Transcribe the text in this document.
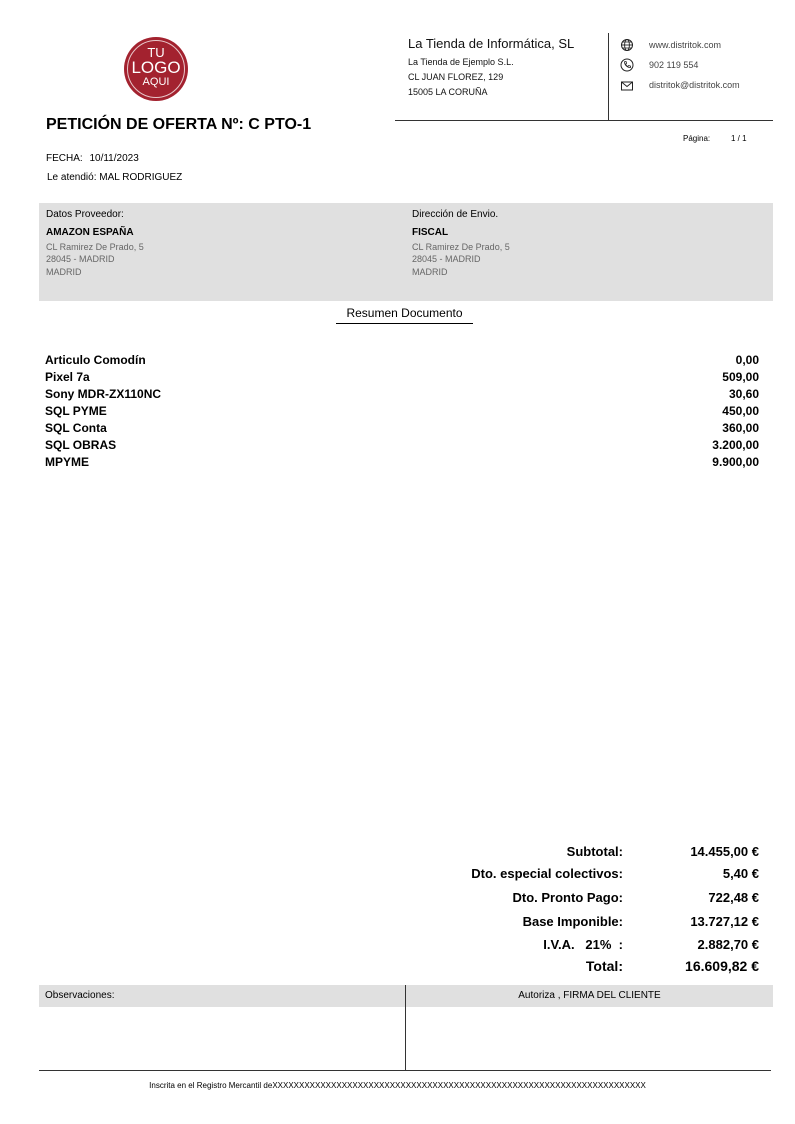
TU
LOGO
AQUI
La Tienda de Informática, SL
La Tienda de Ejemplo S.L.
CL JUAN FLOREZ, 129
15005 LA CORUÑA
www.distritok.com
902 119 554
distritok@distritok.com
PETICIÓN DE OFERTA Nº: C PTO-1
Página:	1 / 1
FECHA: 10/11/2023
Le atendió: MAL RODRIGUEZ
Datos Proveedor:
AMAZON ESPAÑA
CL Ramirez De Prado, 5
28045 - MADRID
MADRID
Dirección de Envio.
FISCAL
CL Ramirez De Prado, 5
28045 - MADRID
MADRID
Resumen Documento
Articulo Comodín	0,00
Pixel 7a	509,00
Sony MDR-ZX110NC	30,60
SQL PYME	450,00
SQL Conta	360,00
SQL OBRAS	3.200,00
MPYME	9.900,00
Subtotal:	14.455,00 €
Dto. especial colectivos:	5,40 €
Dto. Pronto Pago:	722,48 €
Base Imponible:	13.727,12 €
I.V.A.   21%  :	2.882,70 €
Total:	16.609,82 €
Observaciones:	Autoriza , FIRMA DEL CLIENTE
Inscrita en el Registro Mercantil deXXXXXXXXXXXXXXXXXXXXXXXXXXXXXXXXXXXXXXXXXXXXXXXXXXXXXXXXXXXXXXXXXXXXXX
